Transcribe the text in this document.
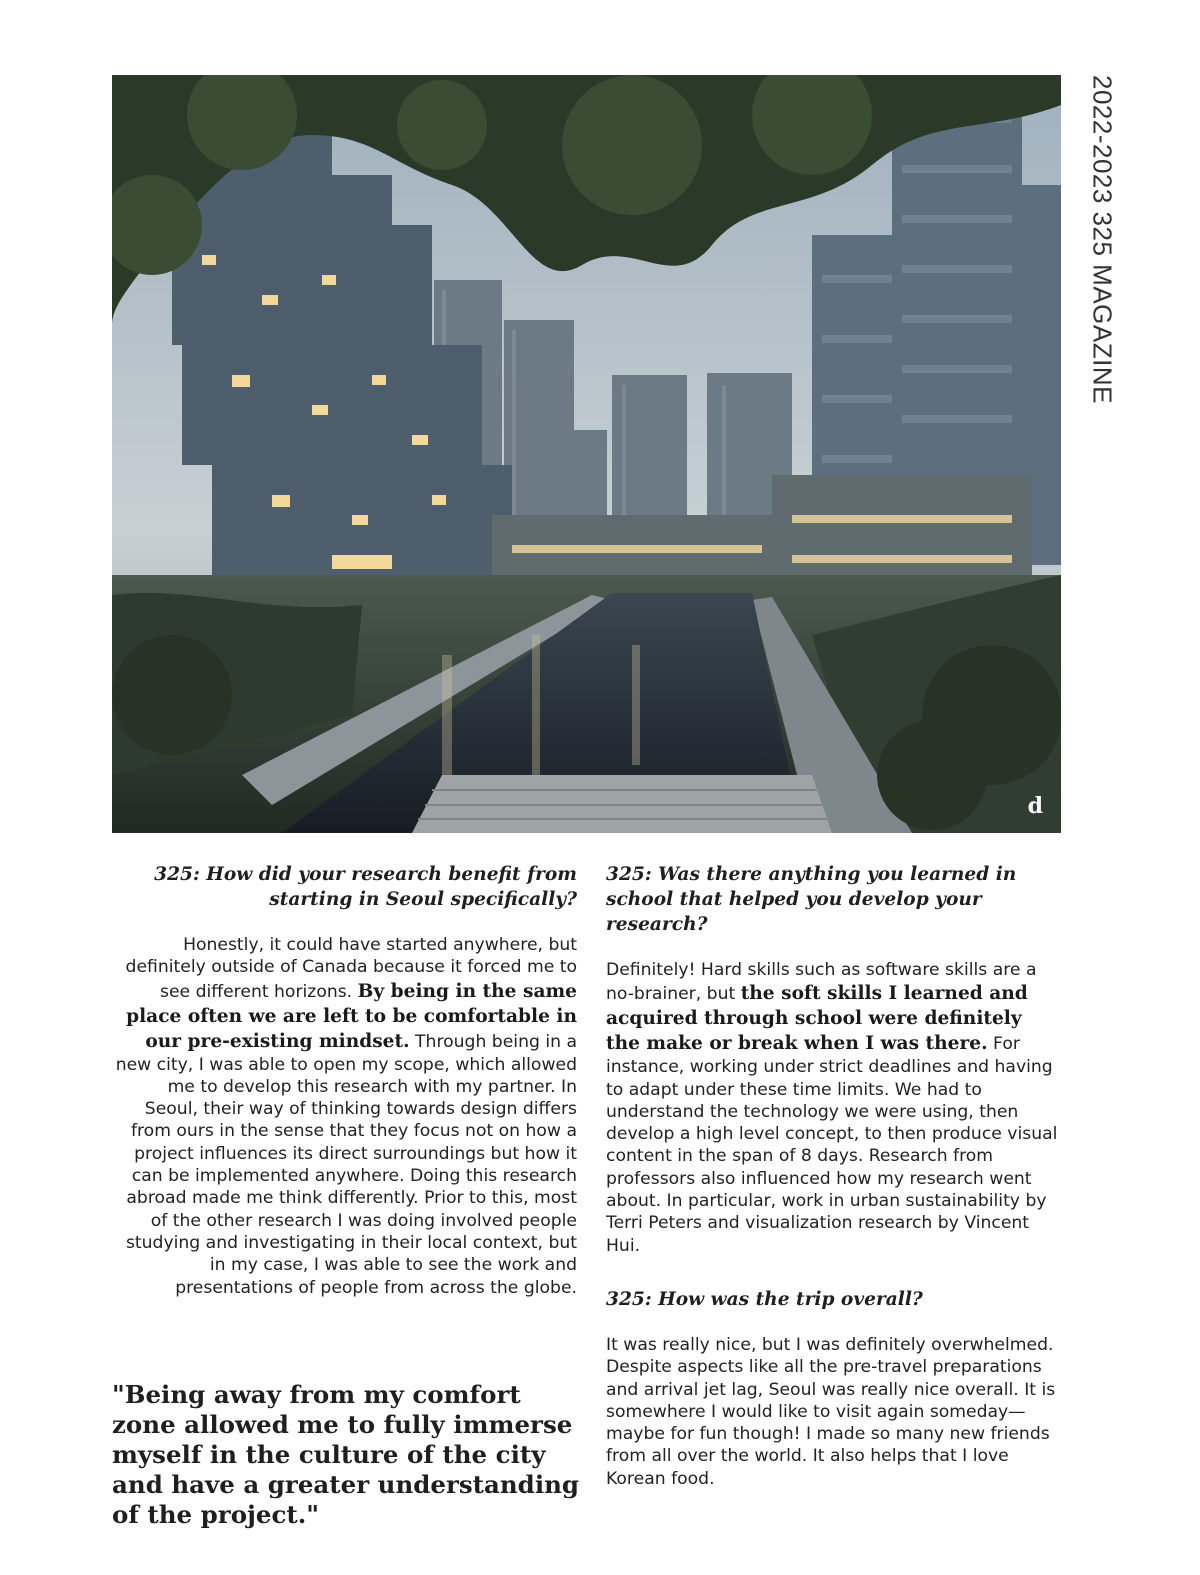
2022-2023 325 MAGAZINE
d

325: How did your research benefit from starting in Seoul specifically?

Honestly, it could have started anywhere, but definitely outside of Canada because it forced me to see different horizons. By being in the same place often we are left to be comfortable in our pre-existing mindset. Through being in a new city, I was able to open my scope, which allowed me to develop this research with my partner. In Seoul, their way of thinking towards design differs from ours in the sense that they focus not on how a project influences its direct surroundings but how it can be implemented anywhere. Doing this research abroad made me think differently. Prior to this, most of the other research I was doing involved people studying and investigating in their local context, but in my case, I was able to see the work and presentations of people from across the globe.

"Being away from my comfort zone allowed me to fully immerse myself in the culture of the city and have a greater understanding of the project."

325: Was there anything you learned in school that helped you develop your research?

Definitely! Hard skills such as software skills are a no-brainer, but the soft skills I learned and acquired through school were definitely the make or break when I was there. For instance, working under strict deadlines and having to adapt under these time limits. We had to understand the technology we were using, then develop a high level concept, to then produce visual content in the span of 8 days. Research from professors also influenced how my research went about. In particular, work in urban sustainability by Terri Peters and visualization research by Vincent Hui.

325: How was the trip overall?

It was really nice, but I was definitely overwhelmed. Despite aspects like all the pre-travel preparations and arrival jet lag, Seoul was really nice overall. It is somewhere I would like to visit again someday—maybe for fun though! I made so many new friends from all over the world. It also helps that I love Korean food.
